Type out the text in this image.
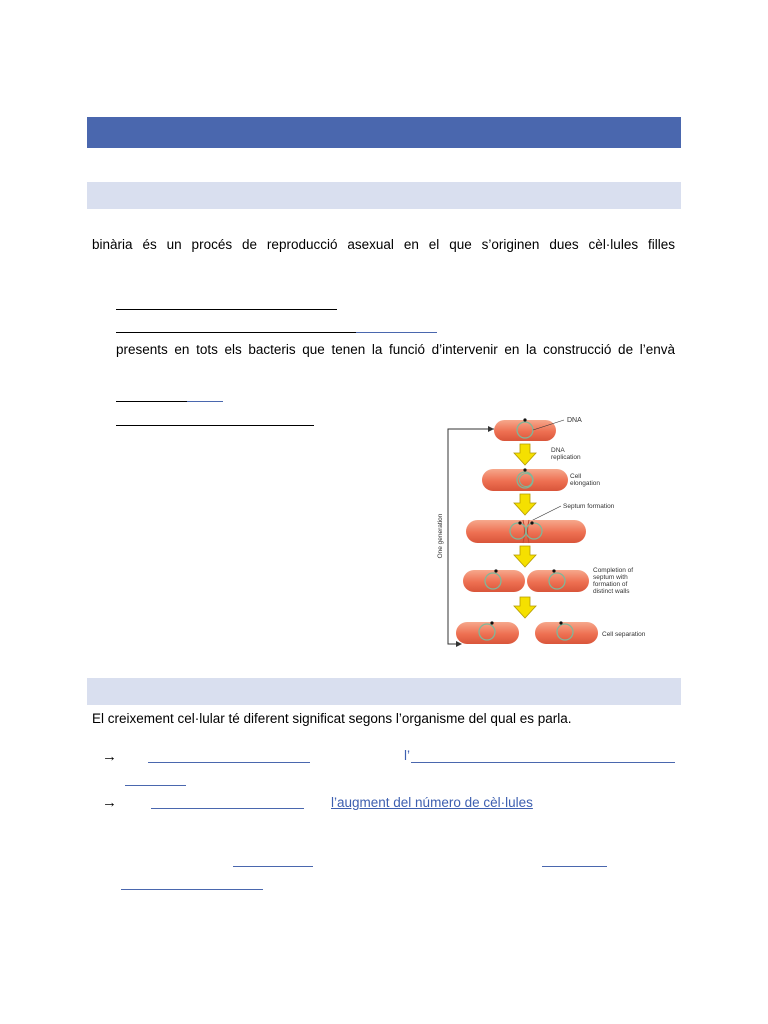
binària és un procés de reproducció asexual en el que s’originen dues cèl·lules filles
presents en tots els bacteris que tenen la funció d’intervenir en la construcció de l’envà
One generation
DNA
DNA
replication
Cell
elongation
Septum formation
Completion of
septum with
formation of
distinct walls
Cell separation
El creixement cel·lular té diferent significat segons l’organisme del qual es parla.
→	l’
→	l’augment del número de cèl·lules
